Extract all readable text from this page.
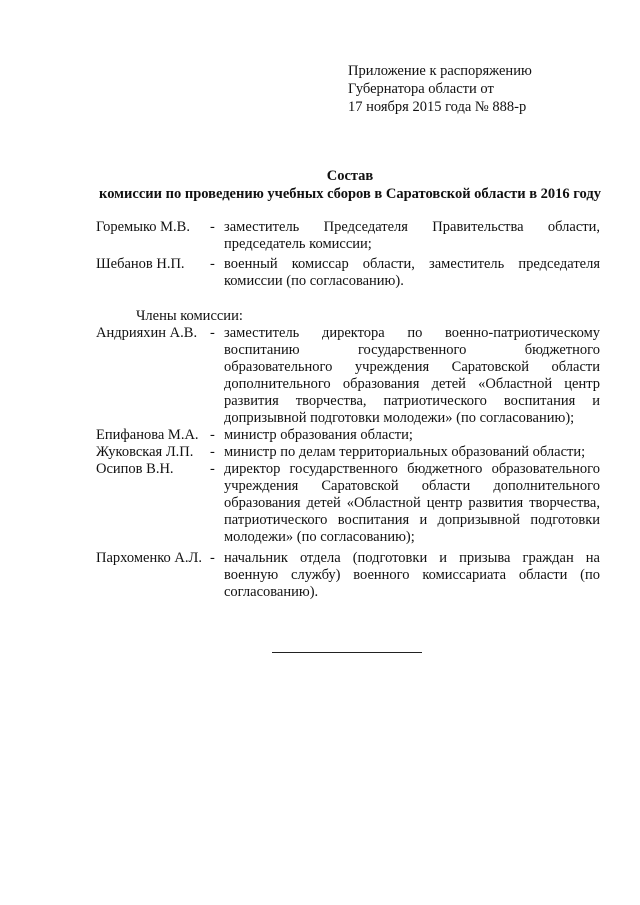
Приложение к распоряжению
Губернатора области от
17 ноября 2015 года № 888-р
Состав
комиссии по проведению учебных сборов в Саратовской области в 2016 году
Горемыко М.В.	- заместитель Председателя Правительства области, председатель комиссии;
Шебанов Н.П.	- военный комиссар области, заместитель председателя комиссии (по согласованию).
Члены комиссии:
Андрияхин А.В. - заместитель директора по военно-патриотическому воспитанию государственного бюджетного образовательного учреждения Саратовской области дополнительного образования детей «Областной центр развития творчества, патриотического воспитания и допризывной подготовки молодежи» (по согласованию);
Епифанова М.А. - министр образования области;
Жуковская Л.П.	- министр по делам территориальных образований области;
Осипов В.Н.	- директор государственного бюджетного образовательного учреждения Саратовской области дополнительного образования детей «Областной центр развития творчества, патриотического воспитания и допризывной подготовки молодежи» (по согласованию);
Пархоменко А.Л. - начальник отдела (подготовки и призыва граждан на военную службу) военного комиссариата области (по согласованию).
